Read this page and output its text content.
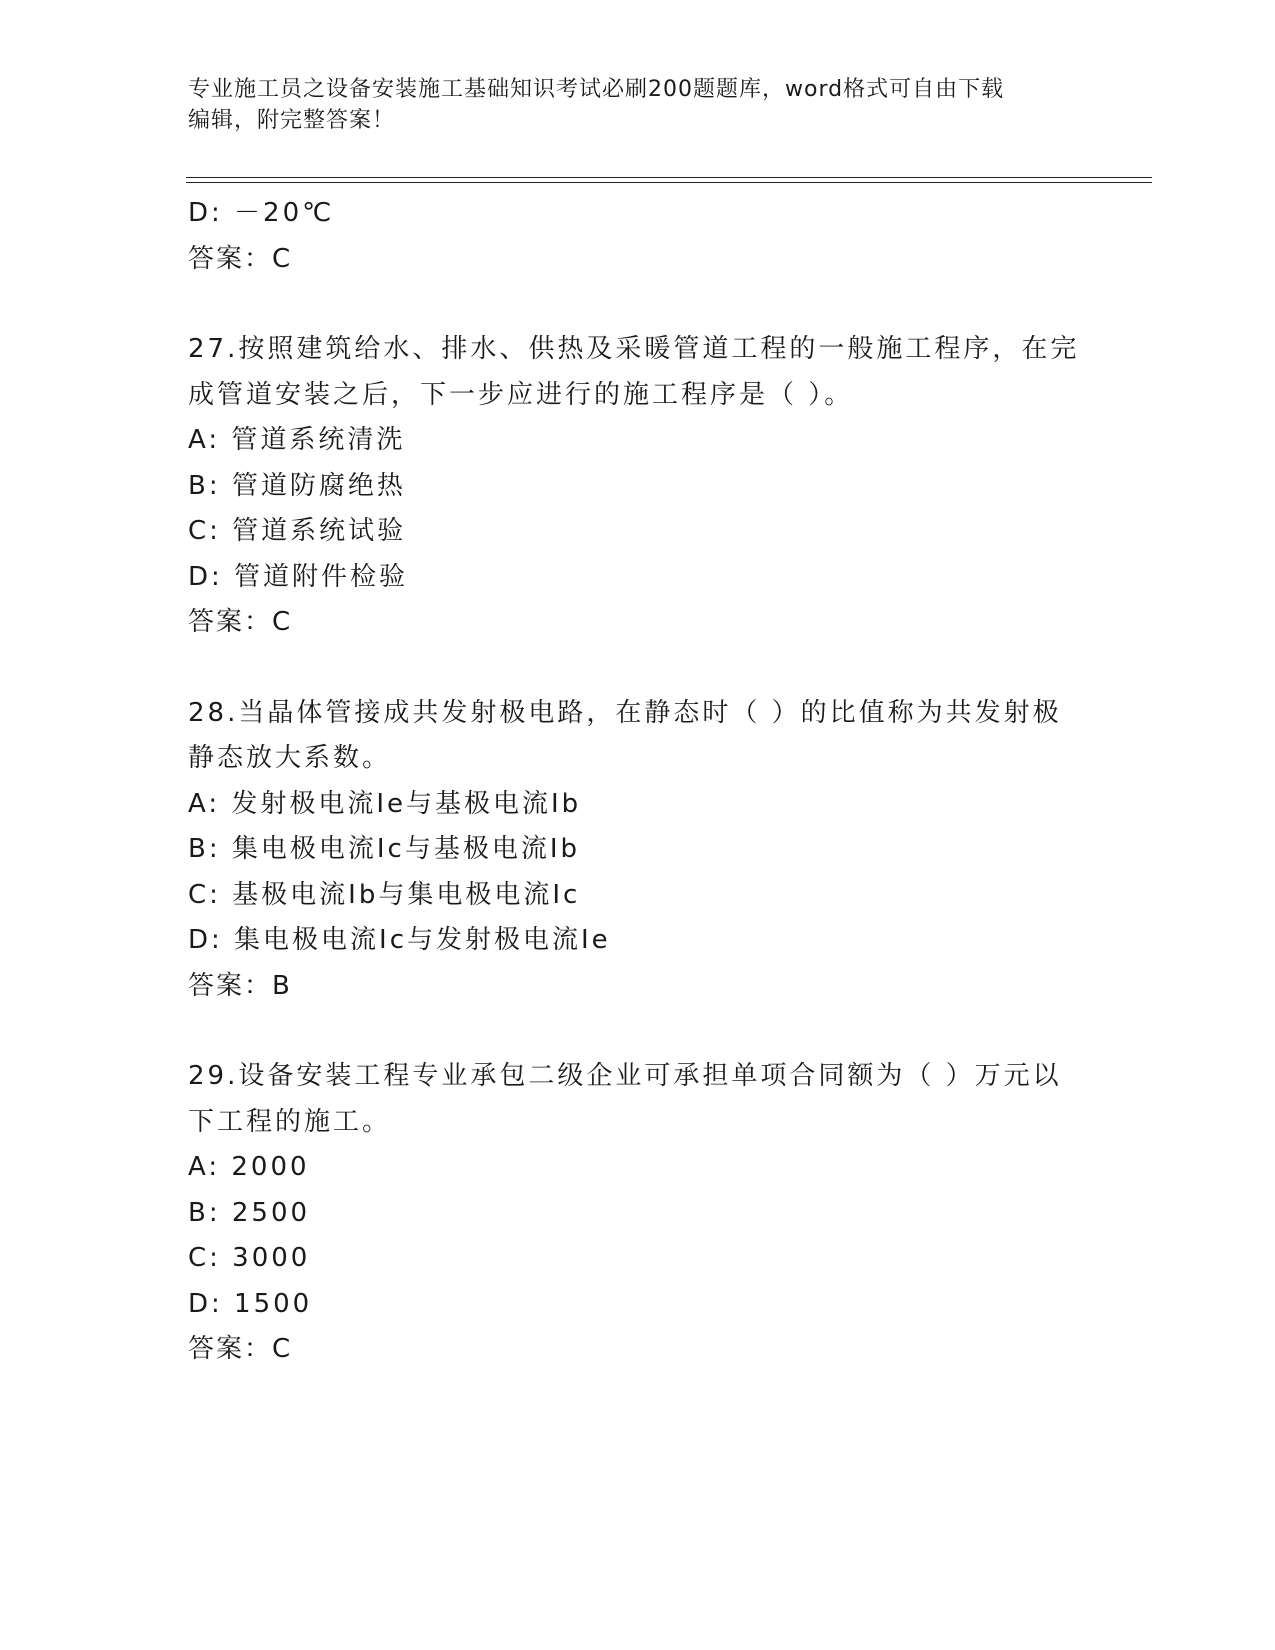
专业施工员之设备安装施工基础知识考试必刷200题题库，word格式可自由下载
编辑，附完整答案！
D: －20℃
答案：C
27.按照建筑给水、排水、供热及采暖管道工程的一般施工程序，在完
成管道安装之后，下一步应进行的施工程序是（ ）。
A: 管道系统清洗
B: 管道防腐绝热
C: 管道系统试验
D: 管道附件检验
答案：C
28.当晶体管接成共发射极电路，在静态时（ ）的比值称为共发射极
静态放大系数。
A: 发射极电流Ie与基极电流Ib
B: 集电极电流Ic与基极电流Ib
C: 基极电流Ib与集电极电流Ic
D: 集电极电流Ic与发射极电流Ie
答案：B
29.设备安装工程专业承包二级企业可承担单项合同额为（ ）万元以
下工程的施工。
A: 2000
B: 2500
C: 3000
D: 1500
答案：C
